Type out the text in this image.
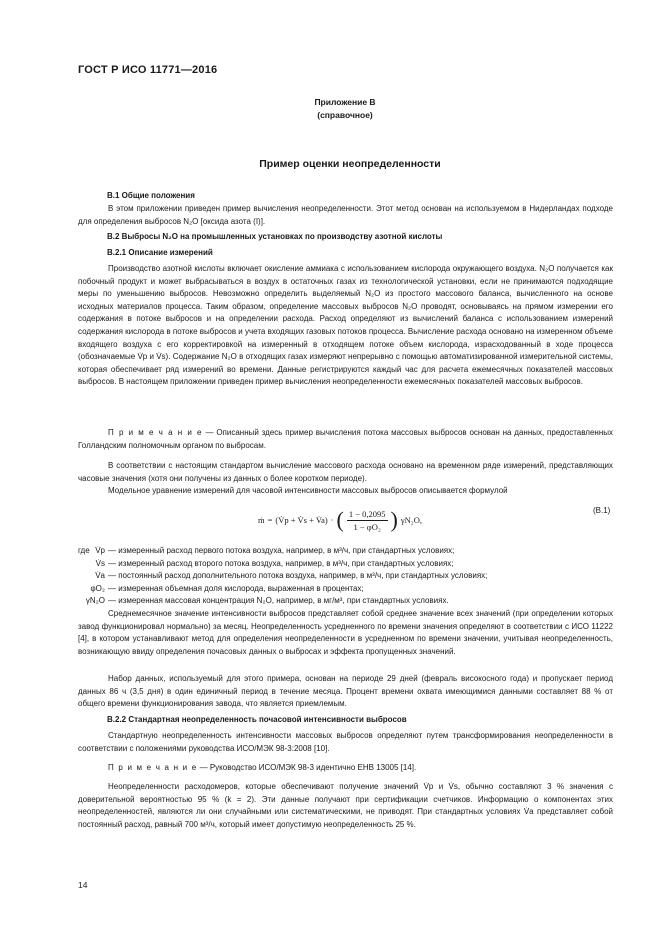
ГОСТ Р ИСО 11771—2016
Приложение В
(справочное)
Пример оценки неопределенности
В.1 Общие положения
В этом приложении приведен пример вычисления неопределенности. Этот метод основан на используемом в Нидерландах подходе для определения выбросов N₂O [оксида азота (I)].
В.2 Выбросы N₂O на промышленных установках по производству азотной кислоты
В.2.1 Описание измерений
Производство азотной кислоты включает окисление аммиака с использованием кислорода окружающего воздуха. N₂O получается как побочный продукт и может выбрасываться в воздух в остаточных газах из технологической установки, если не принимаются подходящие меры по уменьшению выбросов. Невозможно определить выделяемый N₂O из простого массового баланса, вычисленного на основе исходных материалов процесса. Таким образом, определение массовых выбросов N₂O проводят, основываясь на прямом измерении его содержания в потоке выбросов и на определении расхода. Расход определяют из вычислений баланса с использованием измерений содержания кислорода в потоке выбросов и учета входящих газовых потоков процесса. Вычисление расхода основано на измеренном объеме входящего воздуха с его корректировкой на измеренный в отходящем потоке объем кислорода, израсходованный в ходе процесса (обозначаемые V̇p и V̇s). Содержание N₂O в отходящих газах измеряют непрерывно с помощью автоматизированной измерительной системы, которая обеспечивает ряд измерений во времени. Данные регистрируются каждый час для расчета ежемесячных показателей массовых выбросов. В настоящем приложении приведен пример вычисления неопределенности ежемесячных показателей массовых выбросов.
П р и м е ч а н и е — Описанный здесь пример вычисления потока массовых выбросов основан на данных, предоставленных Голландским полномочным органом по выбросам.
В соответствии с настоящим стандартом вычисление массового расхода основано на временном ряде измерений, представляющих часовые значения (хотя они получены из данных о более коротком периоде).
Модельное уравнение измерений для часовой интенсивности массовых выбросов описывается формулой
ṁ = (V̇p + V̇s + V̇a) · ( $\frac{1 - 0,2095}{\text{1 − φO₂}}$ ) γN₂O,
(В.1)
где V̇p — измеренный расход первого потока воздуха, например, в м³/ч, при стандартных условиях;
V̇s — измеренный расход второго потока воздуха, например, в м³/ч, при стандартных условиях;
V̇a — постоянный расход дополнительного потока воздуха, например, в м³/ч, при стандартных условиях;
φO₂ — измеренная объемная доля кислорода, выраженная в процентах;
γN₂O — измеренная массовая концентрация N₂O, например, в мг/м³, при стандартных условиях.
Среднемесячное значение интенсивности выбросов представляет собой среднее значение всех значений (при определении которых завод функционировал нормально) за месяц. Неопределенность усредненного по времени значения определяют в соответствии с ИСО 11222 [4], в котором устанавливают метод для определения неопределенности в усредненном по времени значении, учитывая неопределенность, возникающую ввиду определения почасовых данных о выбросах и эффекта пропущенных значений.
Набор данных, используемый для этого примера, основан на периоде 29 дней (февраль високосного года) и пропускает период данных 86 ч (3,5 дня) в один единичный период в течение месяца. Процент времени охвата имеющимися данными составляет 88 % от общего времени функционирования завода, что является приемлемым.
В.2.2 Стандартная неопределенность почасовой интенсивности выбросов
Стандартную неопределенность интенсивности массовых выбросов определяют путем трансформирования неопределенности в соответствии с положениями руководства ИСО/МЭК 98-3:2008 [10].
П р и м е ч а н и е — Руководство ИСО/МЭК 98-3 идентично ЕНВ 13005 [14].
Неопределенности расходомеров, которые обеспечивают получение значений V̇p и V̇s, обычно составляют 3 % значения с доверительной вероятностью 95 % (k = 2). Эти данные получают при сертификации счетчиков. Информацию о компонентах этих неопределенностей, являются ли они случайными или систематическими, не приводят. При стандартных условиях V̇a представляет собой постоянный расход, равный 700 м³/ч, который имеет допустимую неопределенность 25 %.
14
